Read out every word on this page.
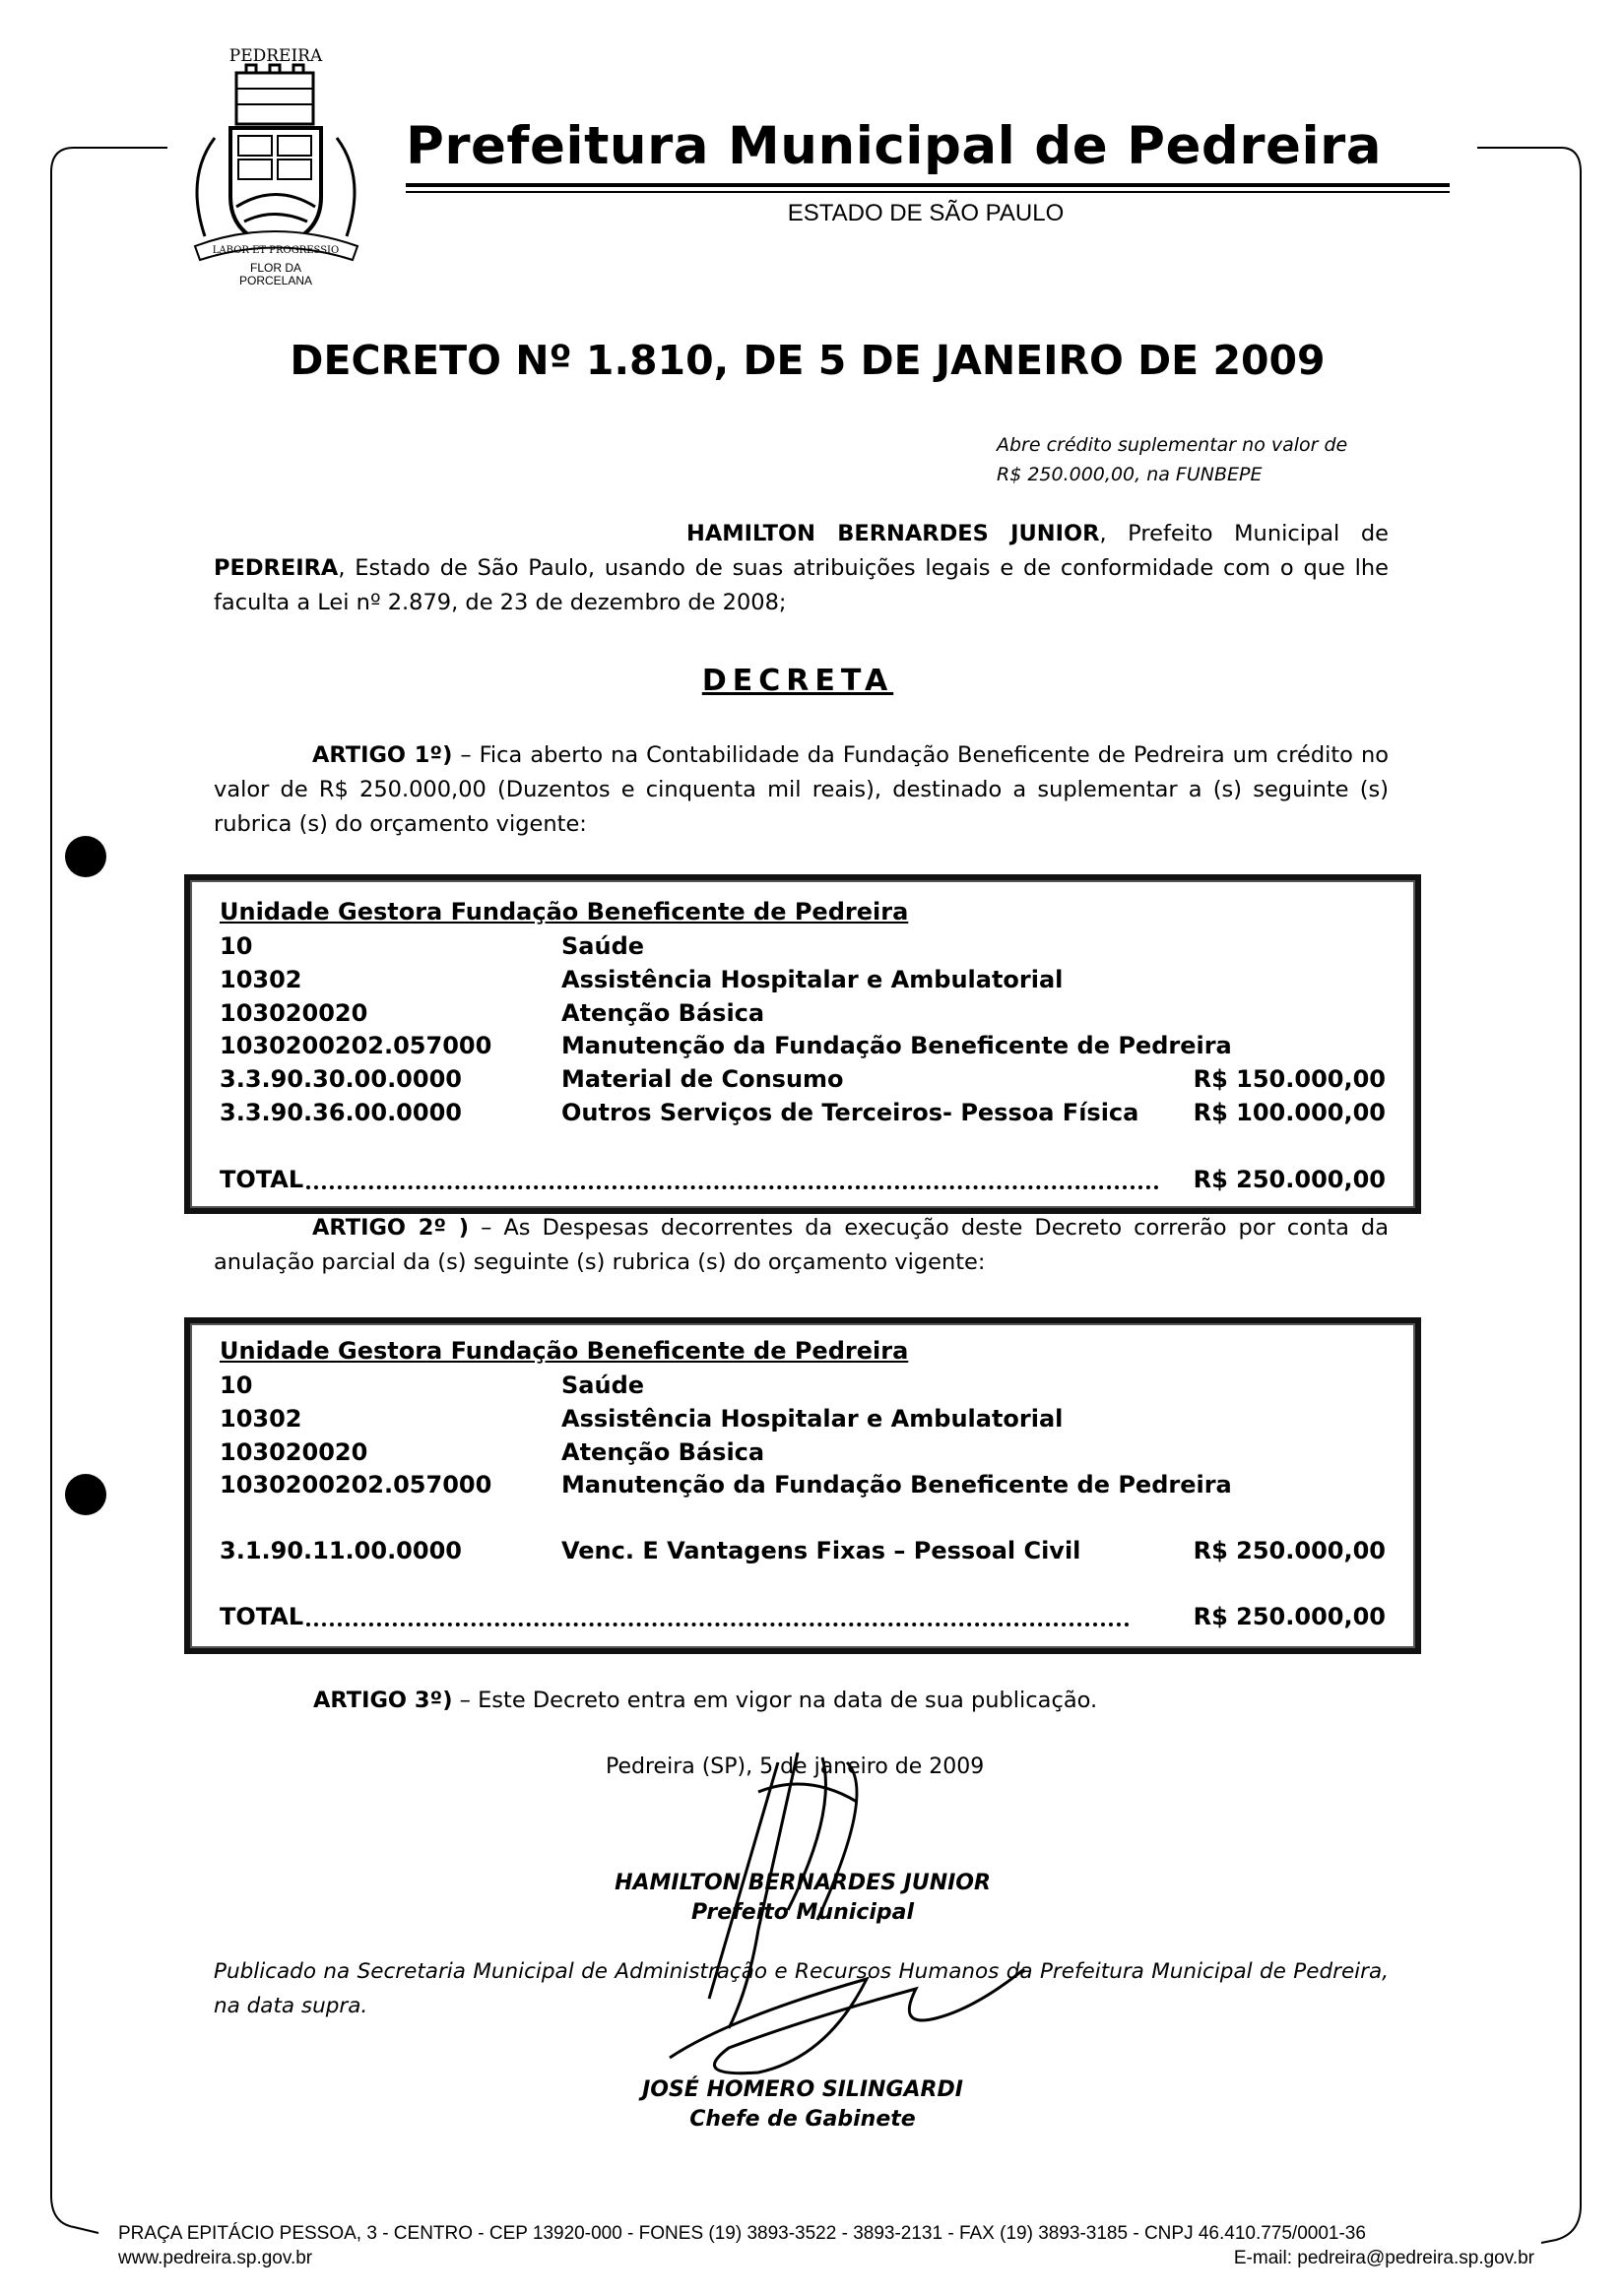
PEDREIRA
LABOR ET PROGRESSIO
FLOR DA
PORCELANA
Prefeitura Municipal de Pedreira
ESTADO DE SÃO PAULO
DECRETO Nº 1.810, DE 5 DE JANEIRO DE 2009
Abre crédito suplementar no valor de
R$ 250.000,00, na FUNBEPE
HAMILTON BERNARDES JUNIOR, Prefeito Municipal de PEDREIRA, Estado de São Paulo, usando de suas atribuições legais e de conformidade com o que lhe faculta a Lei nº 2.879, de 23 de dezembro de 2008;
DECRETA
ARTIGO 1º) – Fica aberto na Contabilidade da Fundação Beneficente de Pedreira um crédito no valor de R$ 250.000,00 (Duzentos e cinquenta mil reais), destinado a suplementar a (s) seguinte (s) rubrica (s) do orçamento vigente:
Unidade Gestora Fundação Beneficente de Pedreira
10	Saúde
10302	Assistência Hospitalar e Ambulatorial
103020020	Atenção Básica
1030200202.057000	Manutenção da Fundação Beneficente de Pedreira
3.3.90.30.00.0000	Material de Consumo	R$ 150.000,00
3.3.90.36.00.0000	Outros Serviços de Terceiros- Pessoa Física R$ 100.000,00
TOTAL	R$ 250.000,00
ARTIGO 2º ) – As Despesas decorrentes da execução deste Decreto correrão por conta da anulação parcial da (s) seguinte (s) rubrica (s) do orçamento vigente:
Unidade Gestora Fundação Beneficente de Pedreira
10	Saúde
10302	Assistência Hospitalar e Ambulatorial
103020020	Atenção Básica
1030200202.057000	Manutenção da Fundação Beneficente de Pedreira
3.1.90.11.00.0000	Venc. E Vantagens Fixas – Pessoal Civil	R$ 250.000,00
TOTAL	R$ 250.000,00
ARTIGO 3º) – Este Decreto entra em vigor na data de sua publicação.
Pedreira (SP), 5 de janeiro de 2009
HAMILTON BERNARDES JUNIOR
Prefeito Municipal
Publicado na Secretaria Municipal de Administração e Recursos Humanos da Prefeitura Municipal de Pedreira, na data supra.
JOSÉ HOMERO SILINGARDI
Chefe de Gabinete
PRAÇA EPITÁCIO PESSOA, 3 - CENTRO - CEP 13920-000 - FONES (19) 3893-3522 - 3893-2131 - FAX (19) 3893-3185 - CNPJ 46.410.775/0001-36
www.pedreira.sp.gov.br	E-mail: pedreira@pedreira.sp.gov.br
